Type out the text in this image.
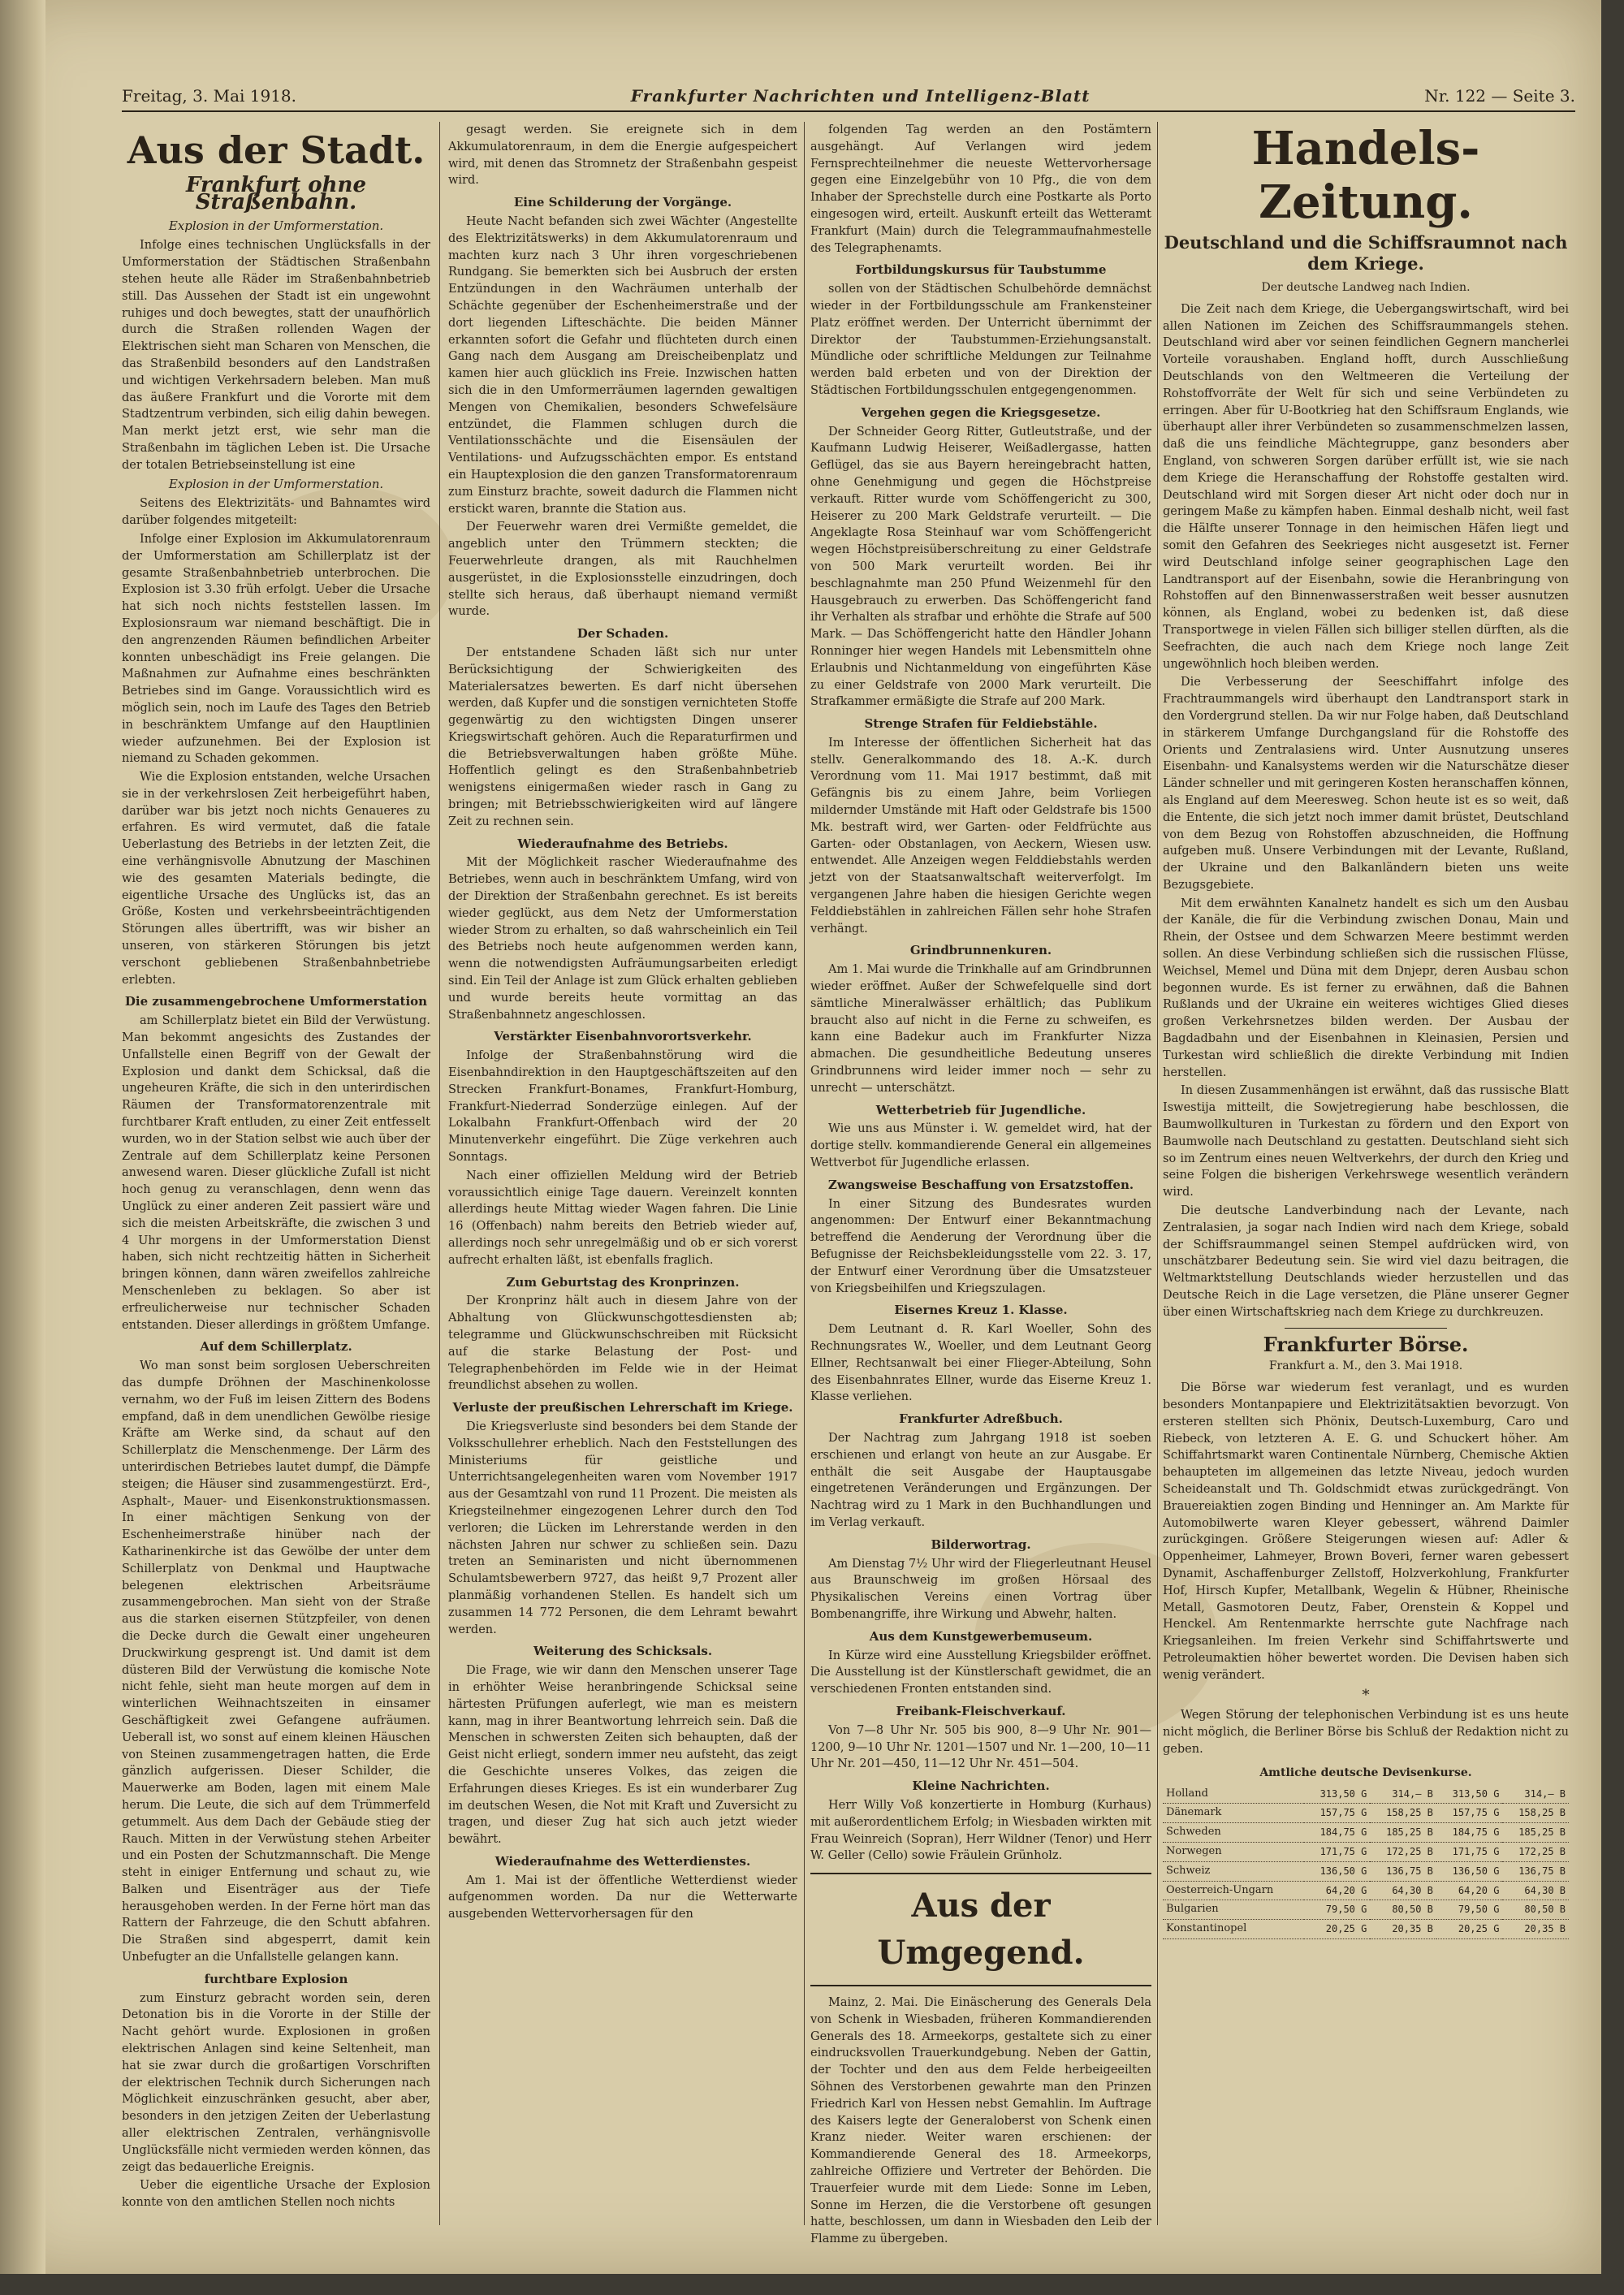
Freitag, 3. Mai 1918.	Frankfurter Nachrichten und Intelligenz-Blatt	Nr. 122 — Seite 3.
Aus der Stadt.
Frankfurt ohne Straßenbahn.
Explosion in der Umformerstation.

Infolge eines technischen Unglücksfalls in der Umformerstation der Städtischen Straßenbahn stehen heute alle Räder im Straßenbahnbetrieb still. Das Aussehen der Stadt ist ein ungewohnt ruhiges und doch bewegtes, statt der unaufhörlich durch die Straßen rollenden Wagen der Elektrischen sieht man Scharen von Menschen, die das Straßenbild besonders auf den Landstraßen und wichtigen Verkehrsadern beleben. Man muß das äußere Frankfurt und die Vororte mit dem Stadtzentrum verbinden, sich eilig dahin bewegen. Man merkt jetzt erst, wie sehr man die Straßenbahn im täglichen Leben ist. Die Ursache der totalen Betriebseinstellung ist eine

Explosion in der Umformerstation.

Seitens des Elektrizitäts- und Bahnamtes wird darüber folgendes mitgeteilt:

Infolge einer Explosion im Akkumulatorenraum der Umformerstation am Schillerplatz ist der gesamte Straßenbahnbetrieb unterbrochen. Die Explosion ist 3.30 früh erfolgt. Ueber die Ursache hat sich noch nichts feststellen lassen. Im Explosionsraum war niemand beschäftigt. Die in den angrenzenden Räumen befindlichen Arbeiter konnten unbeschädigt ins Freie gelangen. Die Maßnahmen zur Aufnahme eines beschränkten Betriebes sind im Gange. Voraussichtlich wird es möglich sein, noch im Laufe des Tages den Betrieb in beschränktem Umfange auf den Hauptlinien wieder aufzunehmen. Bei der Explosion ist niemand zu Schaden gekommen.

Wie die Explosion entstanden, welche Ursachen sie in der verkehrslosen Zeit herbeigeführt haben, darüber war bis jetzt noch nichts Genaueres zu erfahren. Es wird vermutet, daß die fatale Ueberlastung des Betriebs in der letzten Zeit, die eine verhängnisvolle Abnutzung der Maschinen wie des gesamten Materials bedingte, die eigentliche Ursache des Unglücks ist, das an Größe, Kosten und verkehrsbeeinträchtigenden Störungen alles übertrifft, was wir bisher an unseren, von stärkeren Störungen bis jetzt verschont gebliebenen Straßenbahnbetriebe erlebten.

Die zusammengebrochene Umformerstation

am Schillerplatz bietet ein Bild der Verwüstung. Man bekommt angesichts des Zustandes der Unfallstelle einen Begriff von der Gewalt der Explosion und dankt dem Schicksal, daß die ungeheuren Kräfte, die sich in den unterirdischen Räumen der Transformatorenzentrale mit furchtbarer Kraft entluden, zu einer Zeit entfesselt wurden, wo in der Station selbst wie auch über der Zentrale auf dem Schillerplatz keine Personen anwesend waren. Dieser glückliche Zufall ist nicht hoch genug zu veranschlagen, denn wenn das Unglück zu einer anderen Zeit passiert wäre und sich die meisten Arbeitskräfte, die zwischen 3 und 4 Uhr morgens in der Umformerstation Dienst haben, sich nicht rechtzeitig hätten in Sicherheit bringen können, dann wären zweifellos zahlreiche Menschenleben zu beklagen. So aber ist erfreulicherweise nur technischer Schaden entstanden. Dieser allerdings in größtem Umfange.

Auf dem Schillerplatz.

Wo man sonst beim sorglosen Ueberschreiten das dumpfe Dröhnen der Maschinenkolosse vernahm, wo der Fuß im leisen Zittern des Bodens empfand, daß in dem unendlichen Gewölbe riesige Kräfte am Werke sind, da schaut auf den Schillerplatz die Menschenmenge. Der Lärm des unterirdischen Betriebes lautet dumpf, die Dämpfe steigen; die Häuser sind zusammengestürzt. Erd-, Asphalt-, Mauer- und Eisenkonstruktionsmassen. In einer mächtigen Senkung von der Eschenheimerstraße hinüber nach der Katharinenkirche ist das Gewölbe der unter dem Schillerplatz von Denkmal und Hauptwache belegenen elektrischen Arbeitsräume zusammengebrochen. Man sieht von der Straße aus die starken eisernen Stützpfeiler, von denen die Decke durch die Gewalt einer ungeheuren Druckwirkung gesprengt ist. Und damit ist dem düsteren Bild der Verwüstung die komische Note nicht fehle, sieht man heute morgen auf dem in winterlichen Weihnachtszeiten in einsamer Geschäftigkeit zwei Gefangene aufräumen. Ueberall ist, wo sonst auf einem kleinen Häuschen von Steinen zusammengetragen hatten, die Erde gänzlich aufgerissen. Dieser Schilder, die Mauerwerke am Boden, lagen mit einem Male herum. Die Leute, die sich auf dem Trümmerfeld getummelt. Aus dem Dach der Gebäude stieg der Rauch. Mitten in der Verwüstung stehen Arbeiter und ein Posten der Schutzmannschaft. Die Menge steht in einiger Entfernung und schaut zu, wie Balken und Eisenträger aus der Tiefe herausgehoben werden. In der Ferne hört man das Rattern der Fahrzeuge, die den Schutt abfahren. Die Straßen sind abgesperrt, damit kein Unbefugter an die Unfallstelle gelangen kann.

furchtbare Explosion

zum Einsturz gebracht worden sein, deren Detonation bis in die Vororte in der Stille der Nacht gehört wurde. Explosionen in großen elektrischen Anlagen sind keine Seltenheit, man hat sie zwar durch die großartigen Vorschriften der elektrischen Technik durch Sicherungen nach Möglichkeit einzuschränken gesucht, aber aber, besonders in den jetzigen Zeiten der Ueberlastung aller elektrischen Zentralen, verhängnisvolle Unglücksfälle nicht vermieden werden können, das zeigt das bedauerliche Ereignis.

Ueber die eigentliche Ursache der Explosion konnte von den amtlichen Stellen noch nichts

gesagt werden. Sie ereignete sich in dem Akkumulatorenraum, in dem die Energie aufgespeichert wird, mit denen das Stromnetz der Straßenbahn gespeist wird.

Eine Schilderung der Vorgänge.

Heute Nacht befanden sich zwei Wächter (Angestellte des Elektrizitätswerks) in dem Akkumulatorenraum und machten kurz nach 3 Uhr ihren vorgeschriebenen Rundgang. Sie bemerkten sich bei Ausbruch der ersten Entzündungen in den Wachräumen unterhalb der Schächte gegenüber der Eschenheimerstraße und der dort liegenden Lifteschächte. Die beiden Männer erkannten sofort die Gefahr und flüchteten durch einen Gang nach dem Ausgang am Dreischeibenplatz und kamen hier auch glücklich ins Freie. Inzwischen hatten sich die in den Umformerräumen lagernden gewaltigen Mengen von Chemikalien, besonders Schwefelsäure entzündet, die Flammen schlugen durch die Ventilationsschächte und die Eisensäulen der Ventilations- und Aufzugsschächten empor. Es entstand ein Hauptexplosion die den ganzen Transformatorenraum zum Einsturz brachte, soweit dadurch die Flammen nicht erstickt waren, brannte die Station aus.

Der Feuerwehr waren drei Vermißte gemeldet, die angeblich unter den Trümmern steckten; die Feuerwehrleute drangen, als mit Rauchhelmen ausgerüstet, in die Explosionsstelle einzudringen, doch stellte sich heraus, daß überhaupt niemand vermißt wurde.

Der Schaden.

Der entstandene Schaden läßt sich nur unter Berücksichtigung der Schwierigkeiten des Materialersatzes bewerten. Es darf nicht übersehen werden, daß Kupfer und die sonstigen vernichteten Stoffe gegenwärtig zu den wichtigsten Dingen unserer Kriegswirtschaft gehören. Auch die Reparaturfirmen und die Betriebsverwaltungen haben größte Mühe. Hoffentlich gelingt es den Straßenbahnbetrieb wenigstens einigermaßen wieder rasch in Gang zu bringen; mit Betriebsschwierigkeiten wird auf längere Zeit zu rechnen sein.

Wiederaufnahme des Betriebs.

Mit der Möglichkeit rascher Wiederaufnahme des Betriebes, wenn auch in beschränktem Umfang, wird von der Direktion der Straßenbahn gerechnet. Es ist bereits wieder geglückt, aus dem Netz der Umformerstation wieder Strom zu erhalten, so daß wahrscheinlich ein Teil des Betriebs noch heute aufgenommen werden kann, wenn die notwendigsten Aufräumungsarbeiten erledigt sind. Ein Teil der Anlage ist zum Glück erhalten geblieben und wurde bereits heute vormittag an das Straßenbahnnetz angeschlossen.

Verstärkter Eisenbahnvorortsverkehr.

Infolge der Straßenbahnstörung wird die Eisenbahndirektion in den Hauptgeschäftszeiten auf den Strecken Frankfurt-Bonames, Frankfurt-Homburg, Frankfurt-Niederrad Sonderzüge einlegen. Auf der Lokalbahn Frankfurt-Offenbach wird der 20 Minutenverkehr eingeführt. Die Züge verkehren auch Sonntags.

Nach einer offiziellen Meldung wird der Betrieb voraussichtlich einige Tage dauern. Vereinzelt konnten allerdings heute Mittag wieder Wagen fahren. Die Linie 16 (Offenbach) nahm bereits den Betrieb wieder auf, allerdings noch sehr unregelmäßig und ob er sich vorerst aufrecht erhalten läßt, ist ebenfalls fraglich.

Zum Geburtstag des Kronprinzen.

Der Kronprinz hält auch in diesem Jahre von der Abhaltung von Glückwunschgottesdiensten ab; telegramme und Glückwunschschreiben mit Rücksicht auf die starke Belastung der Post- und Telegraphenbehörden im Felde wie in der Heimat freundlichst absehen zu wollen.

Verluste der preußischen Lehrerschaft im Kriege.

Die Kriegsverluste sind besonders bei dem Stande der Volksschullehrer erheblich. Nach den Feststellungen des Ministeriums für geistliche und Unterrichtsangelegenheiten waren vom November 1917 aus der Gesamtzahl von rund 11 Prozent. Die meisten als Kriegsteilnehmer eingezogenen Lehrer durch den Tod verloren; die Lücken im Lehrerstande werden in den nächsten Jahren nur schwer zu schließen sein. Dazu treten an Seminaristen und nicht übernommenen Schulamtsbewerbern 9727, das heißt 9,7 Prozent aller planmäßig vorhandenen Stellen. Es handelt sich um zusammen 14 772 Personen, die dem Lehramt bewahrt werden.

Weiterung des Schicksals.

Die Frage, wie wir dann den Menschen unserer Tage in erhöhter Weise heranbringende Schicksal seine härtesten Prüfungen auferlegt, wie man es meistern kann, mag in ihrer Beantwortung lehrreich sein. Daß die Menschen in schwersten Zeiten sich behaupten, daß der Geist nicht erliegt, sondern immer neu aufsteht, das zeigt die Geschichte unseres Volkes, das zeigen die Erfahrungen dieses Krieges. Es ist ein wunderbarer Zug im deutschen Wesen, die Not mit Kraft und Zuversicht zu tragen, und dieser Zug hat sich auch jetzt wieder bewährt.

Wiederaufnahme des Wetterdienstes.

Am 1. Mai ist der öffentliche Wetterdienst wieder aufgenommen worden. Da nur die Wetterwarte ausgebenden Wettervorhersagen für den

folgenden Tag werden an den Postämtern ausgehängt. Auf Verlangen wird jedem Fernsprechteilnehmer die neueste Wettervorhersage gegen eine Einzelgebühr von 10 Pfg., die von dem Inhaber der Sprechstelle durch eine Postkarte als Porto eingesogen wird, erteilt. Auskunft erteilt das Wetteramt Frankfurt (Main) durch die Telegrammaufnahmestelle des Telegraphenamts.

Fortbildungskursus für Taubstumme

sollen von der Städtischen Schulbehörde demnächst wieder in der Fortbildungsschule am Frankensteiner Platz eröffnet werden. Der Unterricht übernimmt der Direktor der Taubstummen-Erziehungsanstalt. Mündliche oder schriftliche Meldungen zur Teilnahme werden bald erbeten und von der Direktion der Städtischen Fortbildungsschulen entgegengenommen.

Vergehen gegen die Kriegsgesetze.

Der Schneider Georg Ritter, Gutleutstraße, und der Kaufmann Ludwig Heiserer, Weißadlergasse, hatten Geflügel, das sie aus Bayern hereingebracht hatten, ohne Genehmigung und gegen die Höchstpreise verkauft. Ritter wurde vom Schöffengericht zu 300, Heiserer zu 200 Mark Geldstrafe verurteilt. — Die Angeklagte Rosa Steinhauf war vom Schöffengericht wegen Höchstpreisüberschreitung zu einer Geldstrafe von 500 Mark verurteilt worden. Bei ihr beschlagnahmte man 250 Pfund Weizenmehl für den Hausgebrauch zu erwerben. Das Schöffengericht fand ihr Verhalten als strafbar und erhöhte die Strafe auf 500 Mark. — Das Schöffengericht hatte den Händler Johann Ronninger hier wegen Handels mit Lebensmitteln ohne Erlaubnis und Nichtanmeldung von eingeführten Käse zu einer Geldstrafe von 2000 Mark verurteilt. Die Strafkammer ermäßigte die Strafe auf 200 Mark.

Strenge Strafen für Feldiebstähle.

Im Interesse der öffentlichen Sicherheit hat das stellv. Generalkommando des 18. A.-K. durch Verordnung vom 11. Mai 1917 bestimmt, daß mit Gefängnis bis zu einem Jahre, beim Vorliegen mildernder Umstände mit Haft oder Geldstrafe bis 1500 Mk. bestraft wird, wer Garten- oder Feldfrüchte aus Garten- oder Obstanlagen, von Aeckern, Wiesen usw. entwendet. Alle Anzeigen wegen Felddiebstahls werden jetzt von der Staatsanwaltschaft weiterverfolgt. Im vergangenen Jahre haben die hiesigen Gerichte wegen Felddiebstählen in zahlreichen Fällen sehr hohe Strafen verhängt.

Grindbrunnenkuren.

Am 1. Mai wurde die Trinkhalle auf am Grindbrunnen wieder eröffnet. Außer der Schwefelquelle sind dort sämtliche Mineralwässer erhältlich; das Publikum braucht also auf nicht in die Ferne zu schweifen, es kann eine Badekur auch im Frankfurter Nizza abmachen. Die gesundheitliche Bedeutung unseres Grindbrunnens wird leider immer noch — sehr zu unrecht — unterschätzt.

Wetterbetrieb für Jugendliche.

Wie uns aus Münster i. W. gemeldet wird, hat der dortige stellv. kommandierende General ein allgemeines Wettverbot für Jugendliche erlassen.

Zwangsweise Beschaffung von Ersatzstoffen.

In einer Sitzung des Bundesrates wurden angenommen: Der Entwurf einer Bekanntmachung betreffend die Aenderung der Verordnung über die Befugnisse der Reichsbekleidungsstelle vom 22. 3. 17, der Entwurf einer Verordnung über die Umsatzsteuer von Kriegsbeihilfen und Kriegszulagen.

Eisernes Kreuz 1. Klasse.

Dem Leutnant d. R. Karl Woeller, Sohn des Rechnungsrates W., Woeller, und dem Leutnant Georg Ellner, Rechtsanwalt bei einer Flieger-Abteilung, Sohn des Eisenbahnrates Ellner, wurde das Eiserne Kreuz 1. Klasse verliehen.

Frankfurter Adreßbuch.

Der Nachtrag zum Jahrgang 1918 ist soeben erschienen und erlangt von heute an zur Ausgabe. Er enthält die seit Ausgabe der Hauptausgabe eingetretenen Veränderungen und Ergänzungen. Der Nachtrag wird zu 1 Mark in den Buchhandlungen und im Verlag verkauft.

Bilderwortrag.

Am Dienstag 7½ Uhr wird der Fliegerleutnant Heusel aus Braunschweig im großen Hörsaal des Physikalischen Vereins einen Vortrag über Bombenangriffe, ihre Wirkung und Abwehr, halten.

Aus dem Kunstgewerbemuseum.

In Kürze wird eine Ausstellung Kriegsbilder eröffnet. Die Ausstellung ist der Künstlerschaft gewidmet, die an verschiedenen Fronten entstanden sind.

Freibank-Fleischverkauf.

Von 7—8 Uhr Nr. 505 bis 900, 8—9 Uhr Nr. 901—1200, 9—10 Uhr Nr. 1201—1507 und Nr. 1—200, 10—11 Uhr Nr. 201—450, 11—12 Uhr Nr. 451—504.

Kleine Nachrichten.

Herr Willy Voß konzertierte in Homburg (Kurhaus) mit außerordentlichem Erfolg; in Wiesbaden wirkten mit Frau Weinreich (Sopran), Herr Wildner (Tenor) und Herr W. Geller (Cello) sowie Fräulein Grünholz.

Aus der Umgegend.

Mainz, 2. Mai. Die Einäscherung des Generals Dela von Schenk in Wiesbaden, früheren Kommandierenden Generals des 18. Armeekorps, gestaltete sich zu einer eindrucksvollen Trauerkundgebung. Neben der Gattin, der Tochter und den aus dem Felde herbeigeeilten Söhnen des Verstorbenen gewahrte man den Prinzen Friedrich Karl von Hessen nebst Gemahlin. Im Auftrage des Kaisers legte der Generaloberst von Schenk einen Kranz nieder. Weiter waren erschienen: der Kommandierende General des 18. Armeekorps, zahlreiche Offiziere und Vertreter der Behörden. Die Trauerfeier wurde mit dem Liede: Sonne im Leben, Sonne im Herzen, die die Verstorbene oft gesungen hatte, beschlossen, um dann in Wiesbaden den Leib der Flamme zu übergeben.

Handels-Zeitung.
Deutschland und die Schiffsraumnot nach dem Kriege.
Der deutsche Landweg nach Indien.

Die Zeit nach dem Kriege, die Uebergangswirtschaft, wird bei allen Nationen im Zeichen des Schiffsraummangels stehen. Deutschland wird aber vor seinen feindlichen Gegnern mancherlei Vorteile voraushaben. England hofft, durch Ausschließung Deutschlands von den Weltmeeren die Verteilung der Rohstoffvorräte der Welt für sich und seine Verbündeten zu erringen. Aber für U-Bootkrieg hat den Schiffsraum Englands, wie überhaupt aller ihrer Verbündeten so zusammenschmelzen lassen, daß die uns feindliche Mächtegruppe, ganz besonders aber England, von schweren Sorgen darüber erfüllt ist, wie sie nach dem Kriege die Heranschaffung der Rohstoffe gestalten wird. Deutschland wird mit Sorgen dieser Art nicht oder doch nur in geringem Maße zu kämpfen haben. Einmal deshalb nicht, weil fast die Hälfte unserer Tonnage in den heimischen Häfen liegt und somit den Gefahren des Seekrieges nicht ausgesetzt ist. Ferner wird Deutschland infolge seiner geographischen Lage den Landtransport auf der Eisenbahn, sowie die Heranbringung von Rohstoffen auf den Binnenwasserstraßen weit besser ausnutzen können, als England, wobei zu bedenken ist, daß diese Transportwege in vielen Fällen sich billiger stellen dürften, als die Seefrachten, die auch nach dem Kriege noch lange Zeit ungewöhnlich hoch bleiben werden.

Die Verbesserung der Seeschiffahrt infolge des Frachtraummangels wird überhaupt den Landtransport stark in den Vordergrund stellen. Da wir nur Folge haben, daß Deutschland in stärkerem Umfange Durchgangsland für die Rohstoffe des Orients und Zentralasiens wird. Unter Ausnutzung unseres Eisenbahn- und Kanalsystems werden wir die Naturschätze dieser Länder schneller und mit geringeren Kosten heranschaffen können, als England auf dem Meeresweg. Schon heute ist es so weit, daß die Entente, die sich jetzt noch immer damit brüstet, Deutschland von dem Bezug von Rohstoffen abzuschneiden, die Hoffnung aufgeben muß. Unsere Verbindungen mit der Levante, Rußland, der Ukraine und den Balkanländern bieten uns weite Bezugsgebiete.

Mit dem erwähnten Kanalnetz handelt es sich um den Ausbau der Kanäle, die für die Verbindung zwischen Donau, Main und Rhein, der Ostsee und dem Schwarzen Meere bestimmt werden sollen. An diese Verbindung schließen sich die russischen Flüsse, Weichsel, Memel und Düna mit dem Dnjepr, deren Ausbau schon begonnen wurde. Es ist ferner zu erwähnen, daß die Bahnen Rußlands und der Ukraine ein weiteres wichtiges Glied dieses großen Verkehrsnetzes bilden werden. Der Ausbau der Bagdadbahn und der Eisenbahnen in Kleinasien, Persien und Turkestan wird schließlich die direkte Verbindung mit Indien herstellen.

In diesen Zusammenhängen ist erwähnt, daß das russische Blatt Iswestija mitteilt, die Sowjetregierung habe beschlossen, die Baumwollkulturen in Turkestan zu fördern und den Export von Baumwolle nach Deutschland zu gestatten. Deutschland sieht sich so im Zentrum eines neuen Weltverkehrs, der durch den Krieg und seine Folgen die bisherigen Verkehrswege wesentlich verändern wird.

Die deutsche Landverbindung nach der Levante, nach Zentralasien, ja sogar nach Indien wird nach dem Kriege, sobald der Schiffsraummangel seinen Stempel aufdrücken wird, von unschätzbarer Bedeutung sein. Sie wird viel dazu beitragen, die Weltmarktstellung Deutschlands wieder herzustellen und das Deutsche Reich in die Lage versetzen, die Pläne unserer Gegner über einen Wirtschaftskrieg nach dem Kriege zu durchkreuzen.

Frankfurter Börse.
Frankfurt a. M., den 3. Mai 1918.

Die Börse war wiederum fest veranlagt, und es wurden besonders Montanpapiere und Elektrizitätsaktien bevorzugt. Von ersteren stellten sich Phönix, Deutsch-Luxemburg, Caro und Riebeck, von letzteren A. E. G. und Schuckert höher. Am Schiffahrtsmarkt waren Continentale Nürnberg, Chemische Aktien behaupteten im allgemeinen das letzte Niveau, jedoch wurden Scheideanstalt und Th. Goldschmidt etwas zurückgedrängt. Von Brauereiaktien zogen Binding und Henninger an. Am Markte für Automobilwerte waren Kleyer gebessert, während Daimler zurückgingen. Größere Steigerungen wiesen auf: Adler & Oppenheimer, Lahmeyer, Brown Boveri, ferner waren gebessert Dynamit, Aschaffenburger Zellstoff, Holzverkohlung, Frankfurter Hof, Hirsch Kupfer, Metallbank, Wegelin & Hübner, Rheinische Metall, Gasmotoren Deutz, Faber, Orenstein & Koppel und Henckel. Am Rentenmarkte herrschte gute Nachfrage nach Kriegsanleihen. Im freien Verkehr sind Schiffahrtswerte und Petroleumaktien höher bewertet worden. Die Devisen haben sich wenig verändert.

*

Wegen Störung der telephonischen Verbindung ist es uns heute nicht möglich, die Berliner Börse bis Schluß der Redaktion nicht zu geben.

Amtliche deutsche Devisenkurse.
Holland	313,50 G	314,— B	313,50 G	314,— B
Dänemark	157,75 G	158,25 B	157,75 G	158,25 B
Schweden	184,75 G	185,25 B	184,75 G	185,25 B
Norwegen	171,75 G	172,25 B	171,75 G	172,25 B
Schweiz	136,50 G	136,75 B	136,50 G	136,75 B
Oesterreich-Ungarn	64,20 G	64,30 B	64,20 G	64,30 B
Bulgarien	79,50 G	80,50 B	79,50 G	80,50 B
Konstantinopel	20,25 G	20,35 B	20,25 G	20,35 B
